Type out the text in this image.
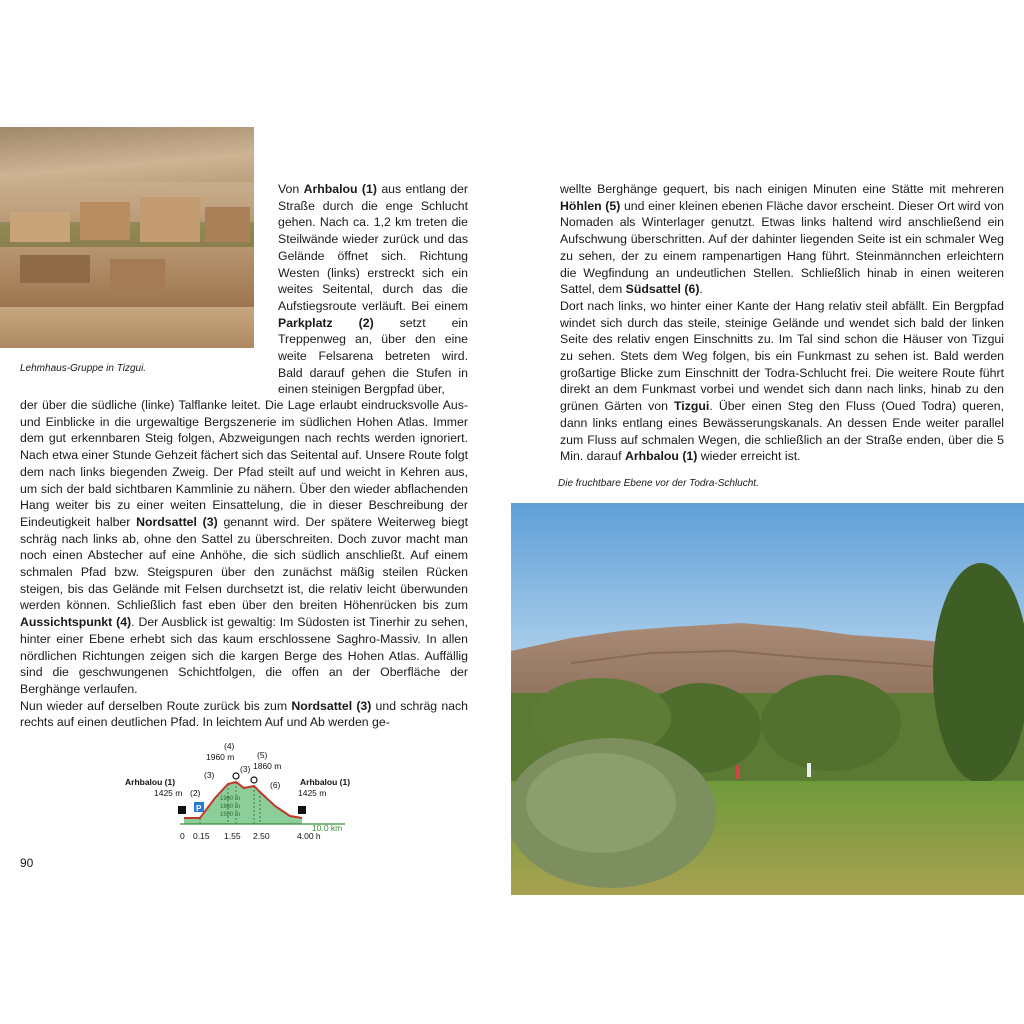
Lehmhaus-Gruppe in Tizgui.

Von Arhbalou (1) aus entlang der Straße durch die enge Schlucht gehen. Nach ca. 1,2 km treten die Steilwände wieder zurück und das Gelände öffnet sich. Richtung Westen (links) erstreckt sich ein weites Seitental, durch das die Aufstiegsroute verläuft. Bei einem Parkplatz (2) setzt ein Treppenweg an, über den eine weite Felsarena betreten wird. Bald darauf gehen die Stufen in einen steinigen Bergpfad über,

der über die südliche (linke) Talflanke leitet. Die Lage erlaubt eindrucksvolle Aus- und Einblicke in die urgewaltige Bergszenerie im südlichen Hohen Atlas. Immer dem gut erkennbaren Steig folgen, Abzweigungen nach rechts werden ignoriert. Nach etwa einer Stunde Gehzeit fächert sich das Seitental auf. Unsere Route folgt dem nach links biegenden Zweig. Der Pfad steilt auf und weicht in Kehren aus, um sich der bald sichtbaren Kammlinie zu nähern. Über den wieder abflachenden Hang weiter bis zu einer weiten Einsattelung, die in dieser Beschreibung der Eindeutigkeit halber Nordsattel (3) genannt wird. Der spätere Weiterweg biegt schräg nach links ab, ohne den Sattel zu überschreiten. Doch zuvor macht man noch einen Abstecher auf eine Anhöhe, die sich südlich anschließt. Auf einem schmalen Pfad bzw. Steigspuren über den zunächst mäßig steilen Rücken steigen, bis das Gelände mit Felsen durchsetzt ist, die relativ leicht überwunden werden können. Schließlich fast eben über den breiten Höhenrücken bis zum Aussichtspunkt (4). Der Ausblick ist gewaltig: Im Südosten ist Tinerhir zu sehen, hinter einer Ebene erhebt sich das kaum erschlossene Saghro-Massiv. In allen nördlichen Richtungen zeigen sich die kargen Berge des Hohen Atlas. Auffällig sind die geschwungenen Schichtfolgen, die offen an der Oberfläche der Berghänge verlaufen.

Nun wieder auf derselben Route zurück bis zum Nordsattel (3) und schräg nach rechts auf einen deutlichen Pfad. In leichtem Auf und Ab werden ge-

P
Arhbalou (1)
1425 m (2)
(3)
(3)
(4)
1960 m	(5)
1860 m
(6) Arhbalou (1)
1425 m
10.0 km
1960 m
1860 m
1500 m
0 0.15 1.55 2.50	4.00 h
90

wellte Berghänge gequert, bis nach einigen Minuten eine Stätte mit mehreren Höhlen (5) und einer kleinen ebenen Fläche davor erscheint. Dieser Ort wird von Nomaden als Winterlager genutzt. Etwas links haltend wird anschließend ein Aufschwung überschritten. Auf der dahinter liegenden Seite ist ein schmaler Weg zu sehen, der zu einem rampenartigen Hang führt. Steinmännchen erleichtern die Wegfindung an undeutlichen Stellen. Schließlich hinab in einen weiteren Sattel, dem Südsattel (6).

Dort nach links, wo hinter einer Kante der Hang relativ steil abfällt. Ein Bergpfad windet sich durch das steile, steinige Gelände und wendet sich bald der linken Seite des relativ engen Einschnitts zu. Im Tal sind schon die Häuser von Tizgui zu sehen. Stets dem Weg folgen, bis ein Funkmast zu sehen ist. Bald werden großartige Blicke zum Einschnitt der Todra-Schlucht frei. Die weitere Route führt direkt an dem Funkmast vorbei und wendet sich dann nach links, hinab zu den grünen Gärten von Tizgui. Über einen Steg den Fluss (Oued Todra) queren, dann links entlang eines Bewässerungskanals. An dessen Ende weiter parallel zum Fluss auf schmalen Wegen, die schließlich an der Straße enden, über die 5 Min. darauf Arhbalou (1) wieder erreicht ist.

Die fruchtbare Ebene vor der Todra-Schlucht.
